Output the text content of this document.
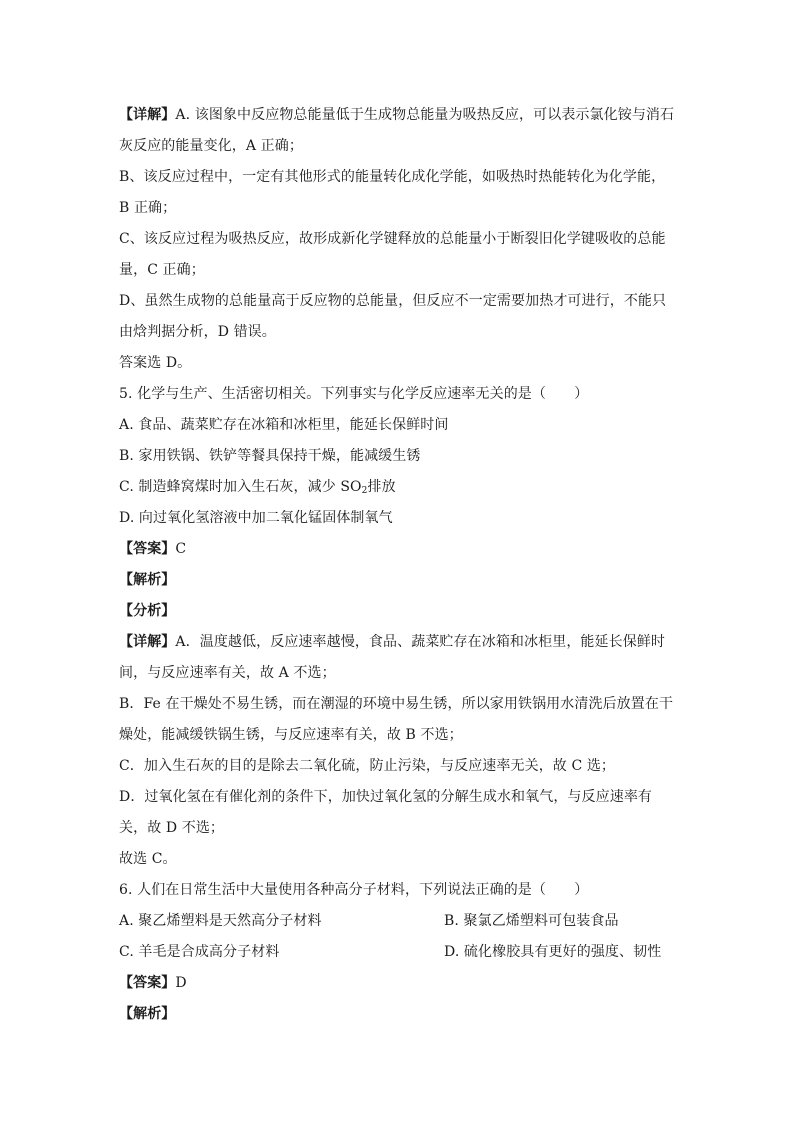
【详解】A. 该图象中反应物总能量低于生成物总能量为吸热反应，可以表示氯化铵与消石
灰反应的能量变化，A 正确；
B、该反应过程中，一定有其他形式的能量转化成化学能，如吸热时热能转化为化学能，
B 正确；
C、该反应过程为吸热反应，故形成新化学键释放的总能量小于断裂旧化学键吸收的总能
量，C 正确；
D、虽然生成物的总能量高于反应物的总能量，但反应不一定需要加热才可进行，不能只
由焓判据分析，D 错误。
答案选 D。
5. 化学与生产、生活密切相关。下列事实与化学反应速率无关的是（　　）
A. 食品、蔬菜贮存在冰箱和冰柜里，能延长保鲜时间
B. 家用铁锅、铁铲等餐具保持干燥，能减缓生锈
C. 制造蜂窝煤时加入生石灰，减少 $SO_2$排放
D. 向过氧化氢溶液中加二氧化锰固体制氧气
【答案】C
【解析】
【分析】
【详解】A．温度越低，反应速率越慢，食品、蔬菜贮存在冰箱和冰柜里，能延长保鲜时
间，与反应速率有关，故 A 不选；
B．Fe 在干燥处不易生锈，而在潮湿的环境中易生锈，所以家用铁锅用水清洗后放置在干
燥处，能减缓铁锅生锈，与反应速率有关，故 B 不选；
C．加入生石灰的目的是除去二氧化硫，防止污染，与反应速率无关，故 C 选；
D．过氧化氢在有催化剂的条件下，加快过氧化氢的分解生成水和氧气，与反应速率有
关，故 D 不选；
故选 C。
6. 人们在日常生活中大量使用各种高分子材料，下列说法正确的是（　　）
A. 聚乙烯塑料是天然高分子材料	B. 聚氯乙烯塑料可包装食品
C. 羊毛是合成高分子材料	D. 硫化橡胶具有更好的强度、韧性
【答案】D
【解析】
